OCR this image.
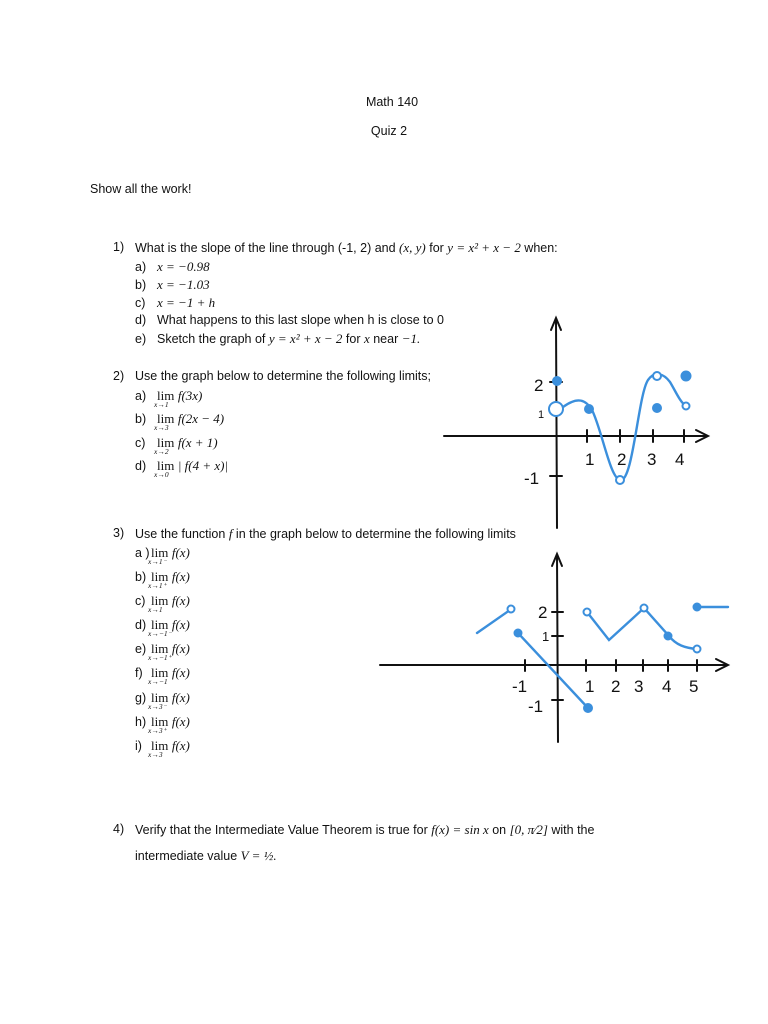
Math 140
Quiz 2
Show all the work!
1) What is the slope of the line through (-1, 2) and (x, y) for y = x² + x − 2 when:
a) x = −0.98
b) x = −1.03
c) x = −1 + h
d) What happens to this last slope when h is close to 0
e) Sketch the graph of y = x² + x − 2 for x near −1.
2) Use the graph below to determine the following limits;
a) lim
x→1
f(3x)
b) lim
x→3
f(2x − 4)
c) lim
x→2
f(x + 1)
d) lim
x→0
| f(4 + x)|
3) Use the function f in the graph below to determine the following limits
a )lim
x→1⁻
f(x)
b) lim
x→1⁺
f(x)
c) lim
x→1
f(x)
d) lim
x→−1⁻
f(x)
e) lim
x→−1⁺
f(x)
f) lim
x→−1
f(x)
g) lim
x→3⁻
f(x)
h) lim
x→3⁺
f(x)
i) lim
x→3
f(x)
4) Verify that the Intermediate Value Theorem is true for f(x) = sin x on [0, π⁄2] with the
intermediate value V = ½.
2
1
-1
1 2 3 4
2
1
-1
-1	1 2 3 4 5
